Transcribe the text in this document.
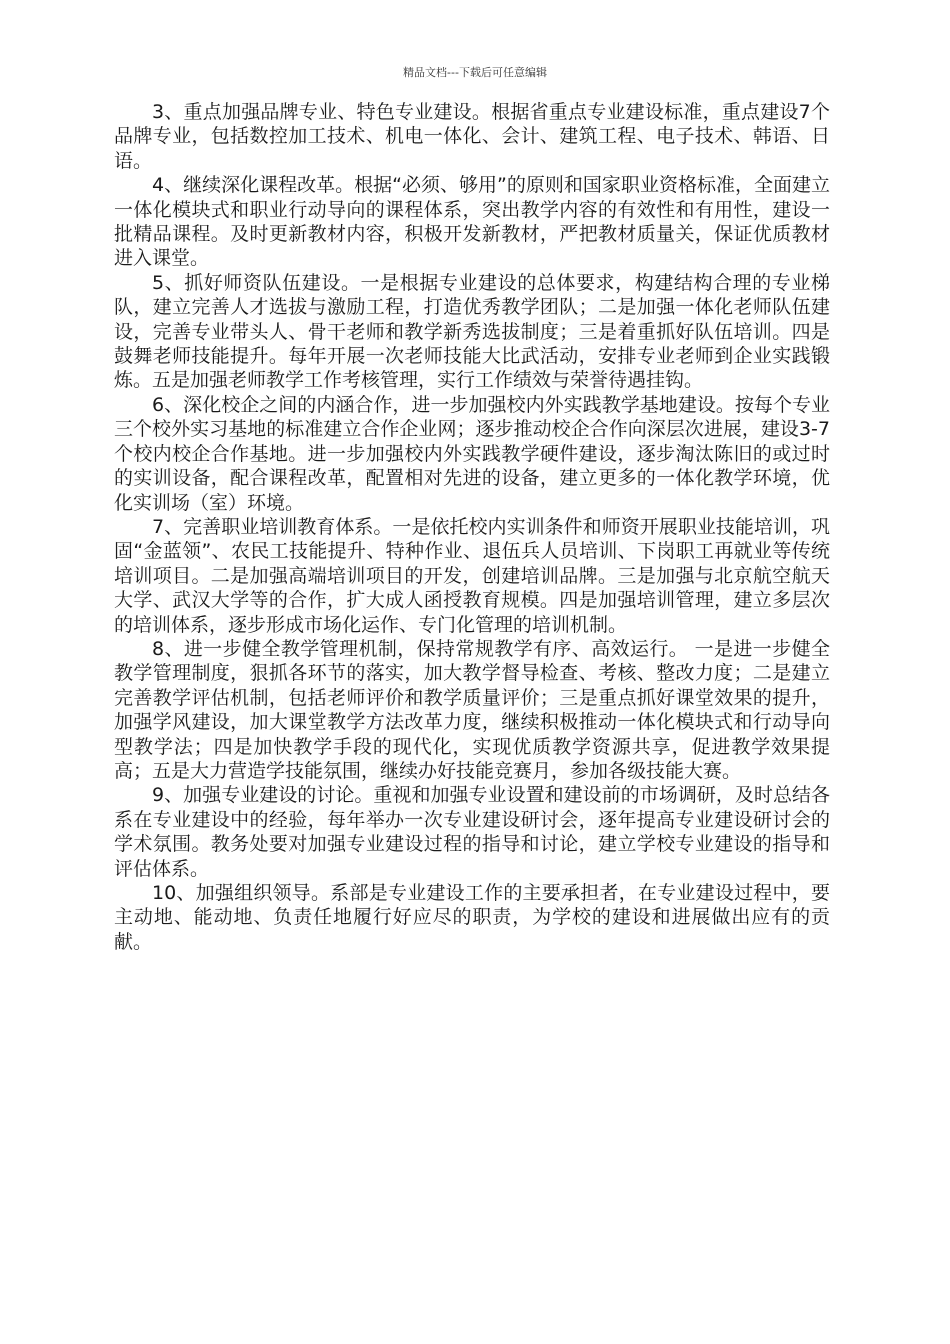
精品文档---下载后可任意编辑

3、重点加强品牌专业、特色专业建设。根据省重点专业建设标准，重点建设7个品牌专业，包括数控加工技术、机电一体化、会计、建筑工程、电子技术、韩语、日语。

4、继续深化课程改革。根据“必须、够用”的原则和国家职业资格标准，全面建立一体化模块式和职业行动导向的课程体系，突出教学内容的有效性和有用性，建设一批精品课程。及时更新教材内容，积极开发新教材，严把教材质量关，保证优质教材进入课堂。

5、抓好师资队伍建设。一是根据专业建设的总体要求，构建结构合理的专业梯队，建立完善人才选拔与激励工程，打造优秀教学团队；二是加强一体化老师队伍建设，完善专业带头人、骨干老师和教学新秀选拔制度；三是着重抓好队伍培训。四是鼓舞老师技能提升。每年开展一次老师技能大比武活动，安排专业老师到企业实践锻炼。五是加强老师教学工作考核管理，实行工作绩效与荣誉待遇挂钩。

6、深化校企之间的内涵合作，进一步加强校内外实践教学基地建设。按每个专业三个校外实习基地的标准建立合作企业网；逐步推动校企合作向深层次进展，建设3-7个校内校企合作基地。进一步加强校内外实践教学硬件建设，逐步淘汰陈旧的或过时的实训设备，配合课程改革，配置相对先进的设备，建立更多的一体化教学环境，优化实训场（室）环境。

7、完善职业培训教育体系。一是依托校内实训条件和师资开展职业技能培训，巩固“金蓝领”、农民工技能提升、特种作业、退伍兵人员培训、下岗职工再就业等传统培训项目。二是加强高端培训项目的开发，创建培训品牌。三是加强与北京航空航天大学、武汉大学等的合作，扩大成人函授教育规模。四是加强培训管理，建立多层次的培训体系，逐步形成市场化运作、专门化管理的培训机制。

8、进一步健全教学管理机制，保持常规教学有序、高效运行。 一是进一步健全教学管理制度，狠抓各环节的落实，加大教学督导检查、考核、整改力度；二是建立完善教学评估机制，包括老师评价和教学质量评价；三是重点抓好课堂效果的提升，加强学风建设，加大课堂教学方法改革力度，继续积极推动一体化模块式和行动导向型教学法；四是加快教学手段的现代化，实现优质教学资源共享，促进教学效果提高；五是大力营造学技能氛围，继续办好技能竞赛月，参加各级技能大赛。

9、加强专业建设的讨论。重视和加强专业设置和建设前的市场调研，及时总结各系在专业建设中的经验，每年举办一次专业建设研讨会，逐年提高专业建设研讨会的学术氛围。教务处要对加强专业建设过程的指导和讨论，建立学校专业建设的指导和评估体系。

10、加强组织领导。系部是专业建设工作的主要承担者，在专业建设过程中，要主动地、能动地、负责任地履行好应尽的职责，为学校的建设和进展做出应有的贡献。
